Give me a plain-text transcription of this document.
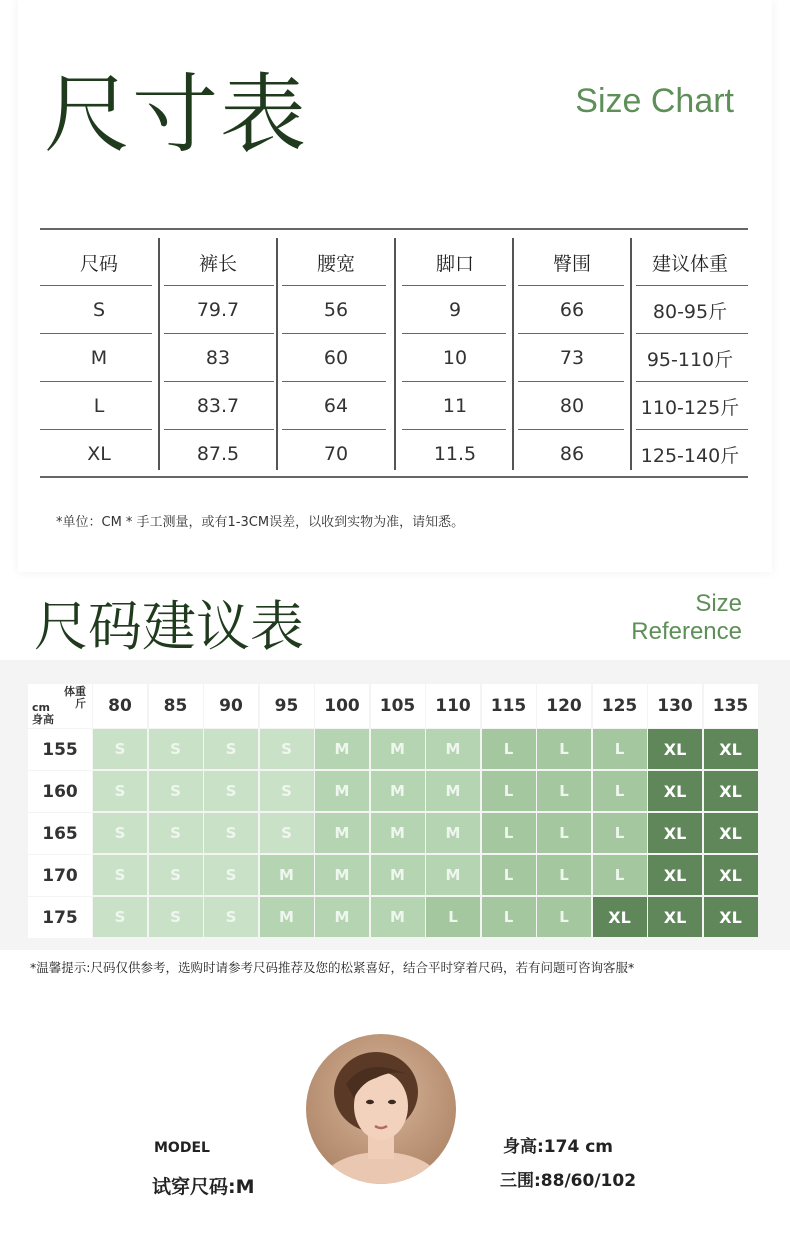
尺寸表	Size Chart
尺码	裤长	腰宽	脚口	臀围	建议体重
S	79.7	56	9	66	80-95斤
M	83	60	10	73	95-110斤
L	83.7	64	11	80	110-125斤
XL	87.5	70	11.5	86	125-140斤
*单位：CM * 手工测量，或有1-3CM误差，以收到实物为准，请知悉。
尺码建议表	Size
Reference
体重
斤
cm
身高
80	85	90	95	100	105	110	115	120	125	130	135
155	S	S	S	S	M	M	M	L	L	L	XL	XL
160	S	S	S	S	M	M	M	L	L	L	XL	XL
165	S	S	S	S	M	M	M	L	L	L	XL	XL
170	S	S	S	M	M	M	M	L	L	L	XL	XL
175	S	S	S	M	M	M	L	L	L	XL	XL	XL
*温馨提示:尺码仅供参考，选购时请参考尺码推荐及您的松紧喜好，结合平时穿着尺码，若有问题可咨询客服*
MODEL
试穿尺码:M
身高:174 cm
三围:88/60/102
